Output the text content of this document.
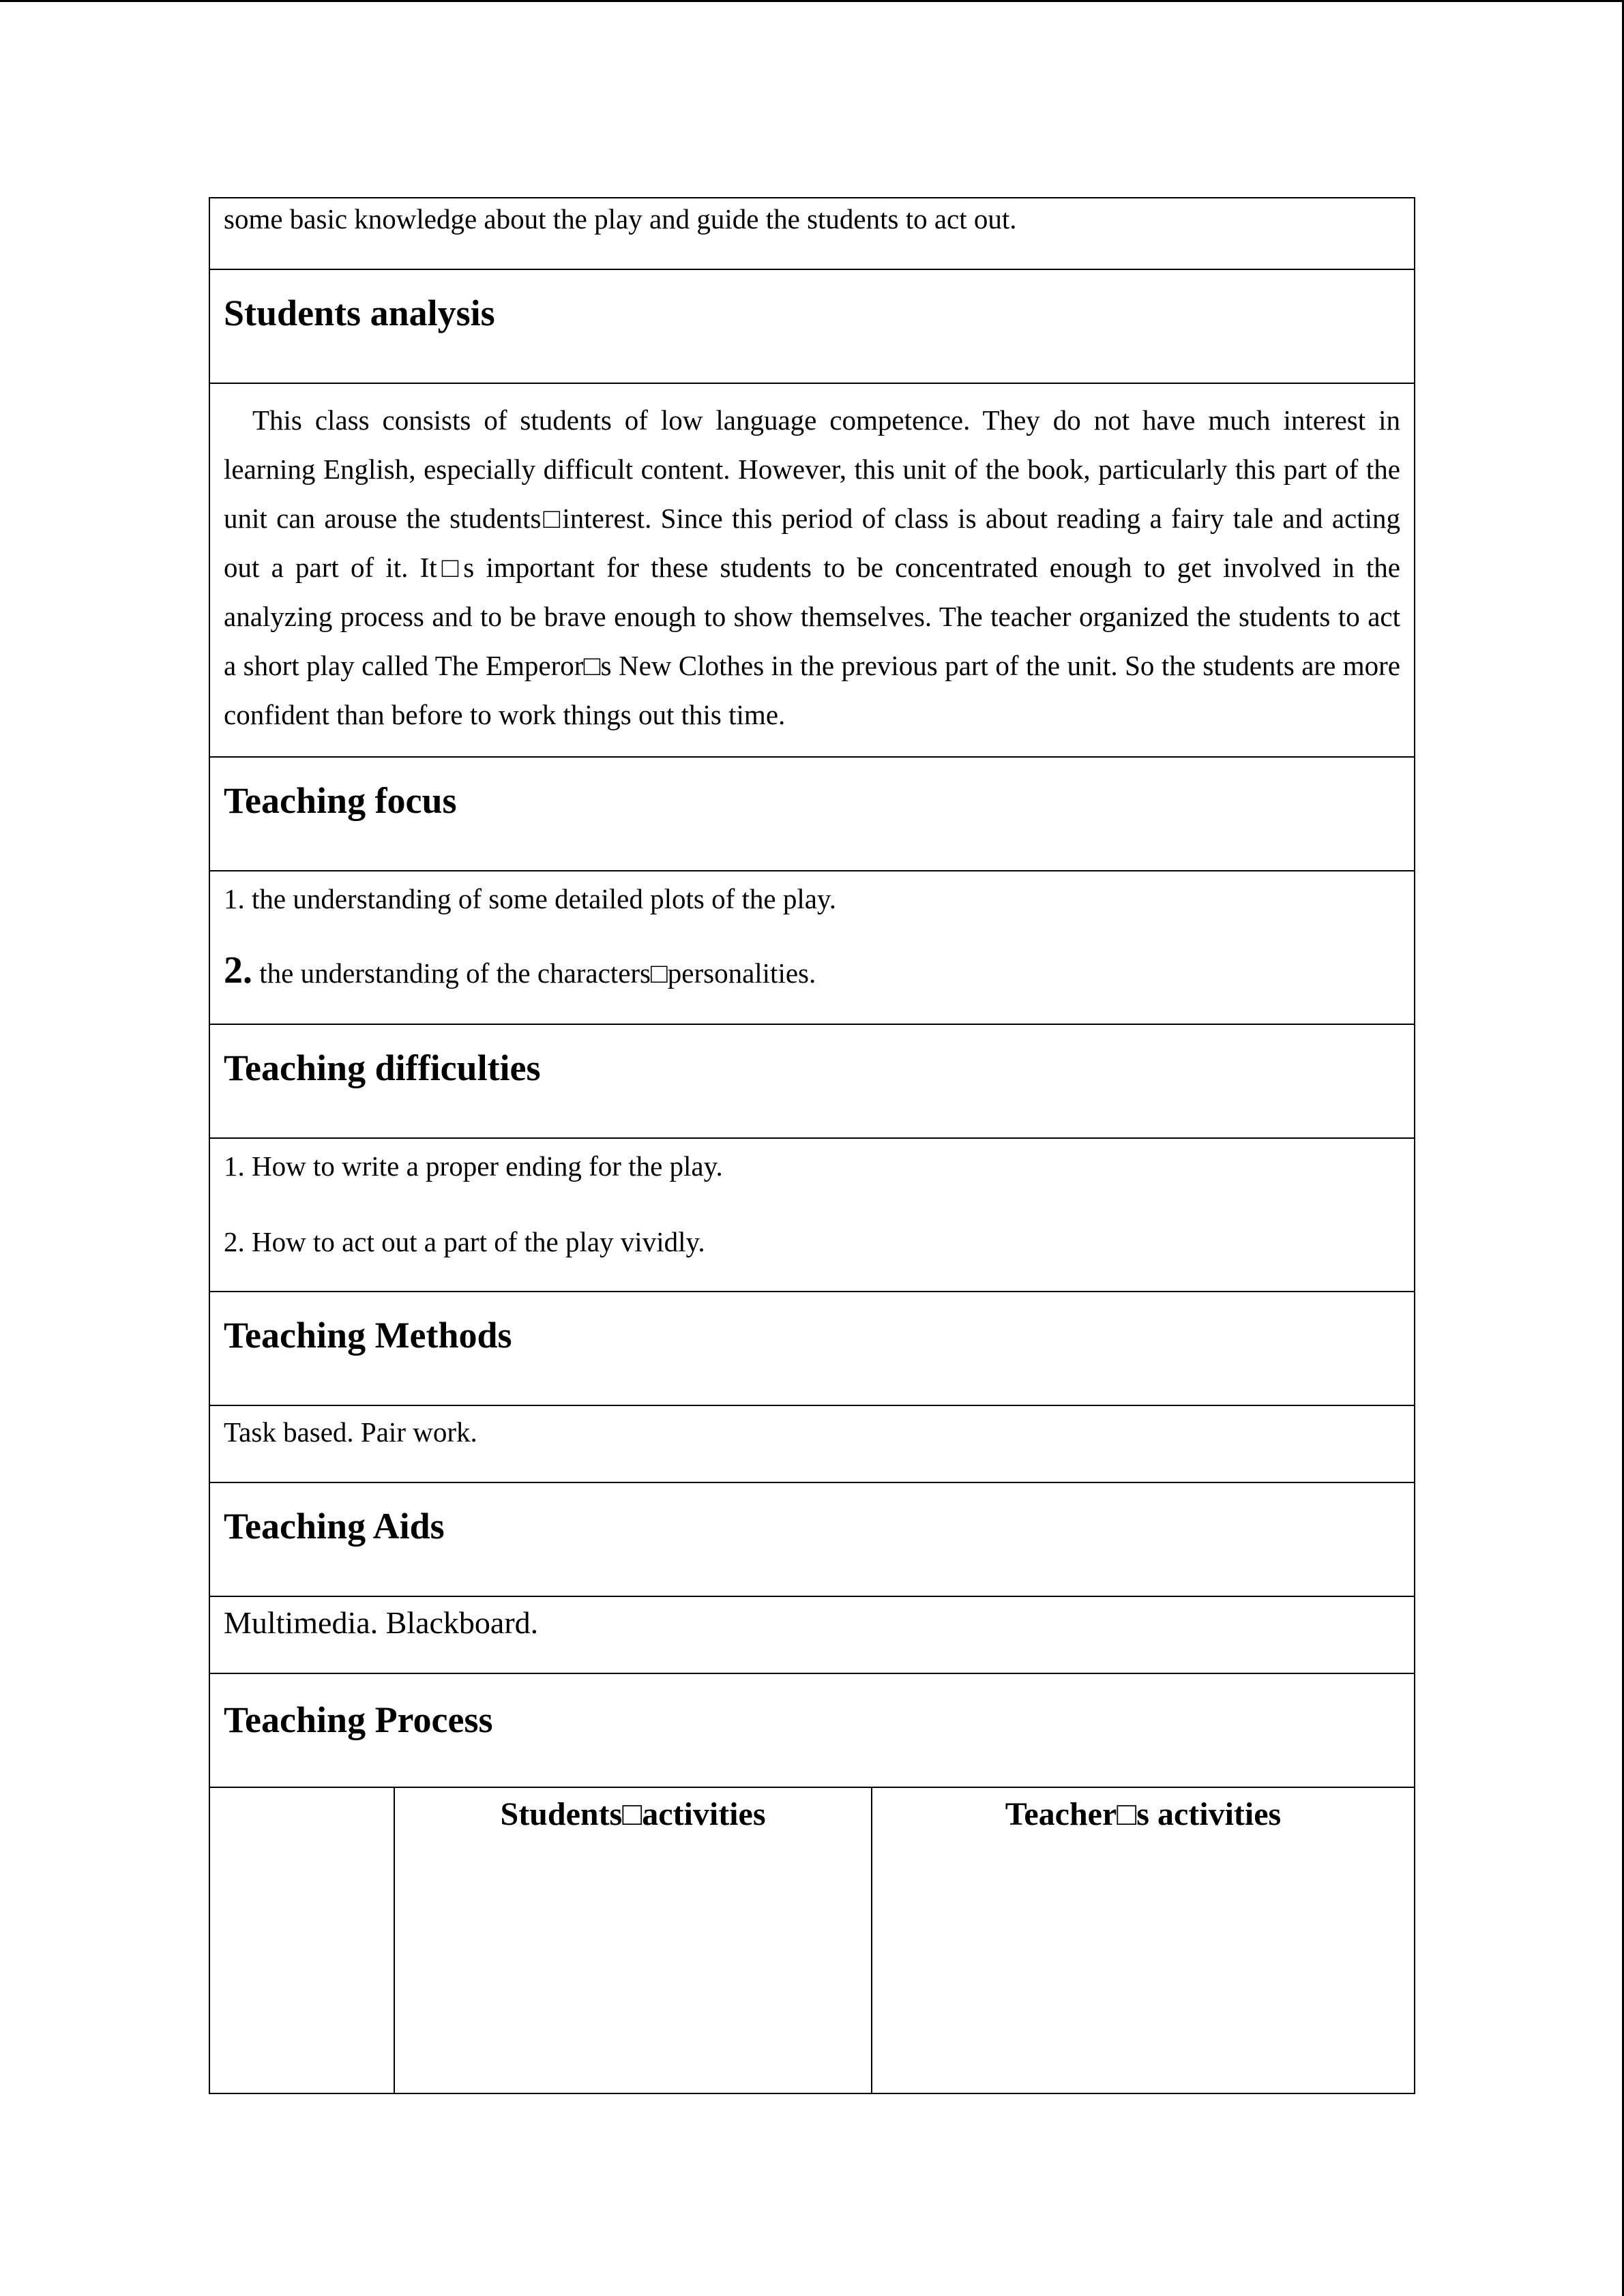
some basic knowledge about the play and guide the students to act out.
Students analysis
This class consists of students of low language competence. They do not have much interest in learning English, especially difficult content. However, this unit of the book, particularly this part of the unit can arouse the students□interest. Since this period of class is about reading a fairy tale and acting out a part of it. It□s important for these students to be concentrated enough to get involved in the analyzing process and to be brave enough to show themselves. The teacher organized the students to act a short play called The Emperor□s New Clothes in the previous part of the unit. So the students are more confident than before to work things out this time.
Teaching focus
1. the understanding of some detailed plots of the play.
2. the understanding of the characters□personalities.
Teaching difficulties
1. How to write a proper ending for the play.
2. How to act out a part of the play vividly.
Teaching Methods
Task based. Pair work.
Teaching Aids
Multimedia. Blackboard.
Teaching Process
Students□activities	Teacher□s activities
